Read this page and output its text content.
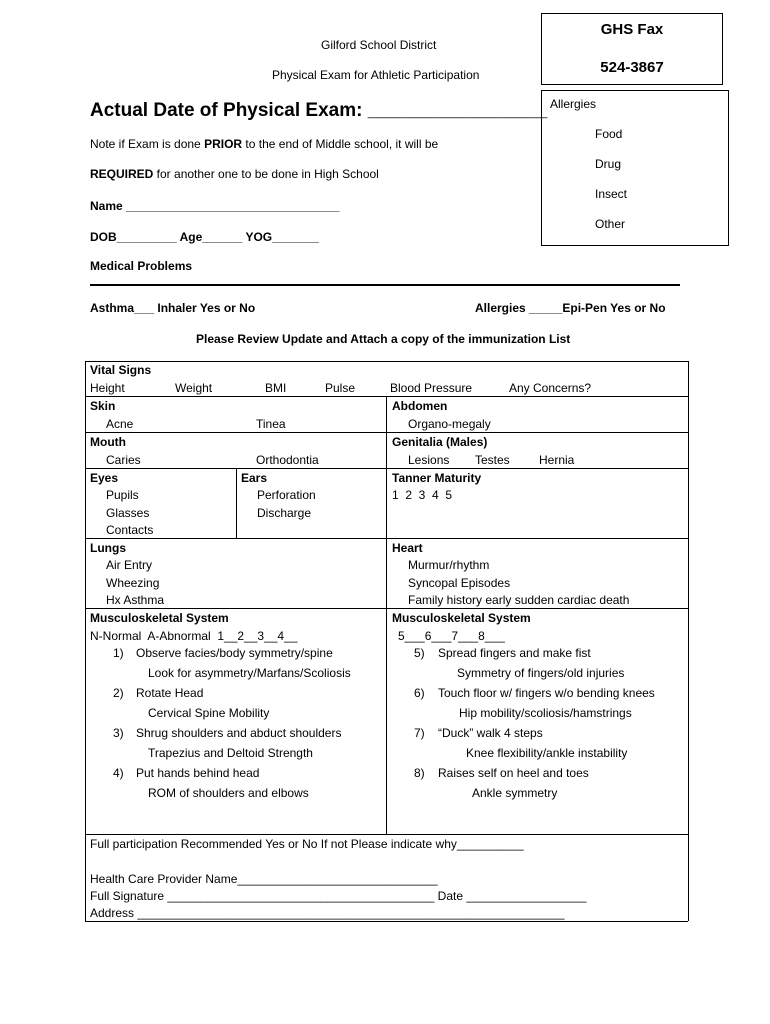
Gilford School District
Physical Exam for Athletic Participation
GHS Fax
524-3867
Allergies
Food
Drug
Insect
Other
Actual Date of Physical Exam: _________________
Note if Exam is done PRIOR to the end of Middle school, it will be
REQUIRED for another one to be done in High School
Name ________________________________
DOB_________ Age______ YOG_______
Medical Problems
Asthma___ Inhaler Yes or No	Allergies _____Epi-Pen Yes or No
Please Review Update and Attach a copy of the immunization List
Vital Signs
Height	Weight	BMI	Pulse	Blood Pressure	Any Concerns?
Skin
Acne	Tinea
Abdomen
Organo-megaly
Mouth
Caries	Orthodontia
Genitalia (Males)
Lesions Testes Hernia
Eyes
Pupils
Glasses
Contacts
Ears
Perforation
Discharge
Tanner Maturity
1  2  3  4  5
Lungs
Air Entry
Wheezing
Hx Asthma
Heart
Murmur/rhythm
Syncopal Episodes
Family history early sudden cardiac death
Musculoskeletal System
N-Normal  A-Abnormal  1__2__3__4__
1) Observe facies/body symmetry/spine
Look for asymmetry/Marfans/Scoliosis
2) Rotate Head
Cervical Spine Mobility
3) Shrug shoulders and abduct shoulders
Trapezius and Deltoid Strength
4) Put hands behind head
ROM of shoulders and elbows
Musculoskeletal System
5___6___7___8___
5) Spread fingers and make fist
Symmetry of fingers/old injuries
6) Touch floor w/ fingers w/o bending knees
Hip mobility/scoliosis/hamstrings
7) “Duck” walk 4 steps
Knee flexibility/ankle instability
8) Raises self on heel and toes
Ankle symmetry
Full participation Recommended Yes or No If not Please indicate why__________
Health Care Provider Name______________________________
Full Signature ________________________________________ Date __________________
Address ________________________________________________________________
